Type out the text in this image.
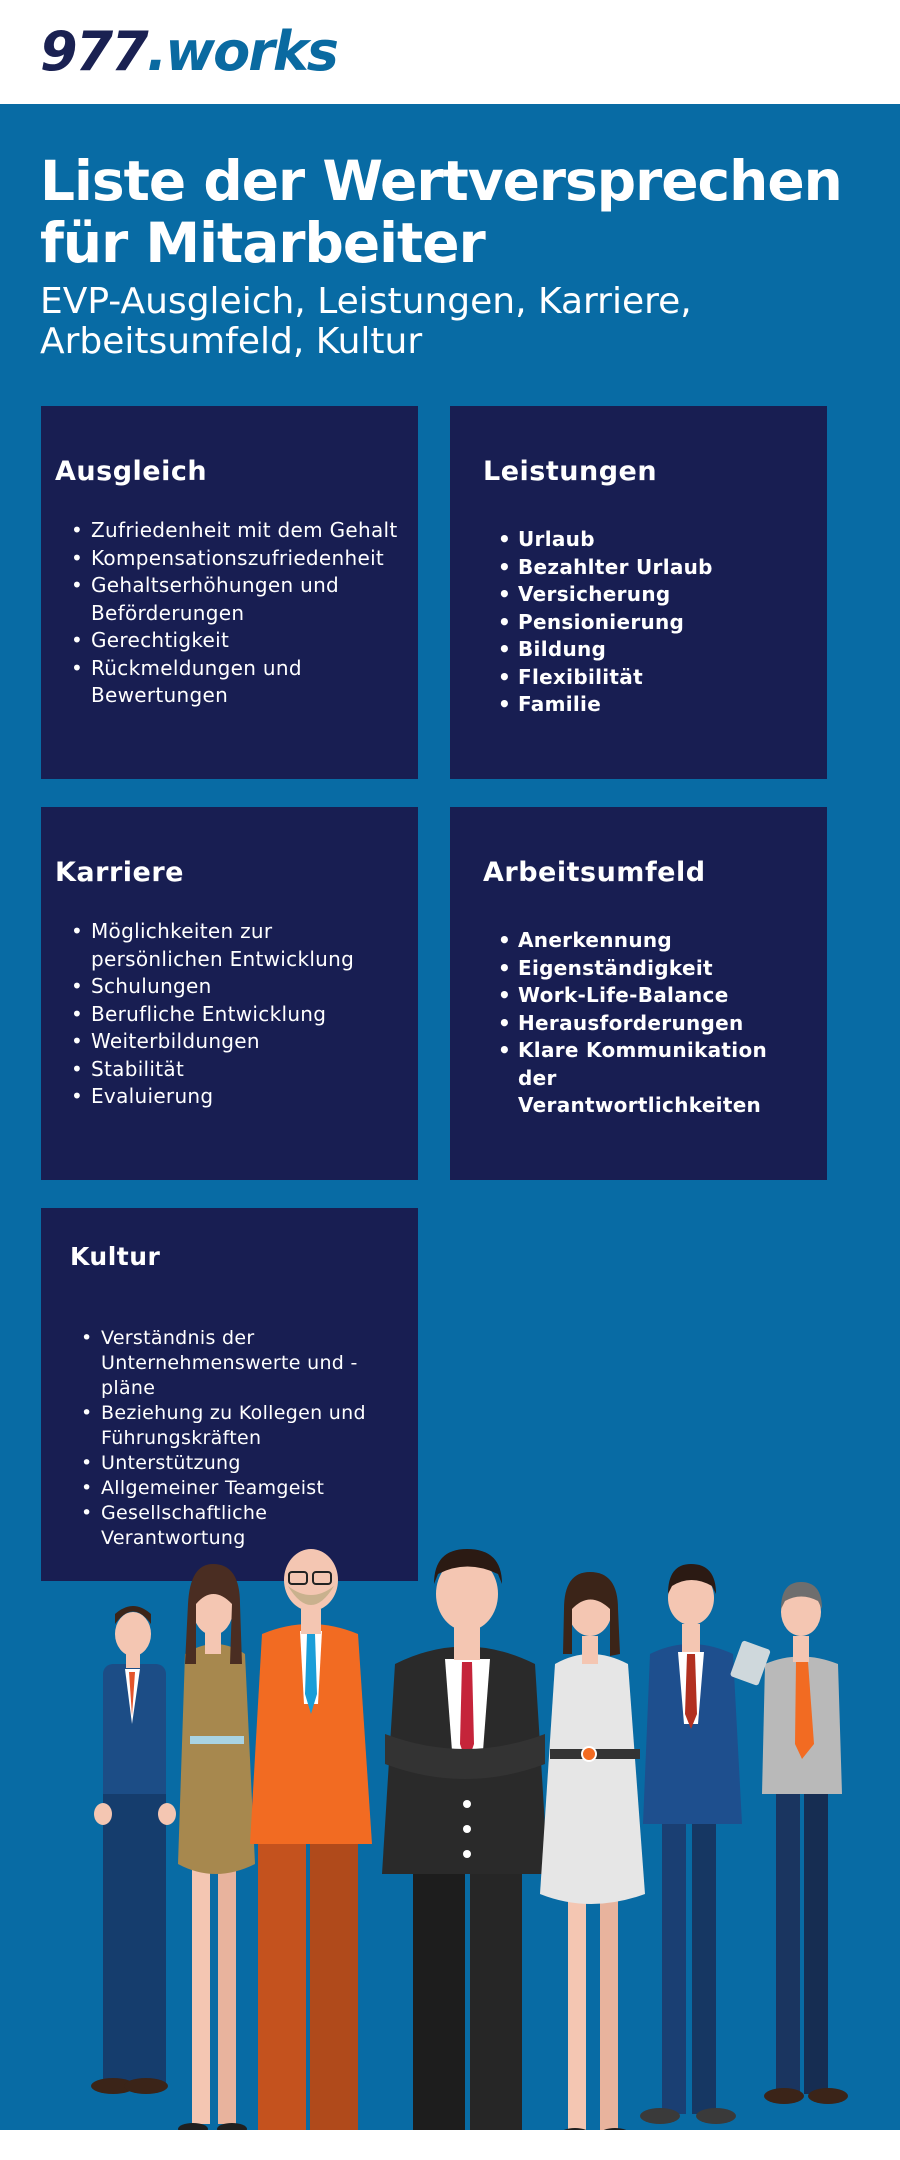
977.works
Liste der Wertversprechen für Mitarbeiter

EVP-Ausgleich, Leistungen, Karriere, Arbeitsumfeld, Kultur

Ausgleich
• Zufriedenheit mit dem Gehalt
• Kompensationszufriedenheit
• Gehaltserhöhungen und Beförderungen
• Gerechtigkeit
• Rückmeldungen und Bewertungen
Leistungen
• Urlaub
• Bezahlter Urlaub
• Versicherung
• Pensionierung
• Bildung
• Flexibilität
• Familie
Karriere
• Möglichkeiten zur persönlichen Entwicklung
• Schulungen
• Berufliche Entwicklung
• Weiterbildungen
• Stabilität
• Evaluierung
Arbeitsumfeld
• Anerkennung
• Eigenständigkeit
• Work-Life-Balance
• Herausforderungen
• Klare Kommunikation der Verantwortlichkeiten
Kultur
• Verständnis der Unternehmenswerte und -pläne
• Beziehung zu Kollegen und Führungskräften
• Unterstützung
• Allgemeiner Teamgeist
• Gesellschaftliche Verantwortung
